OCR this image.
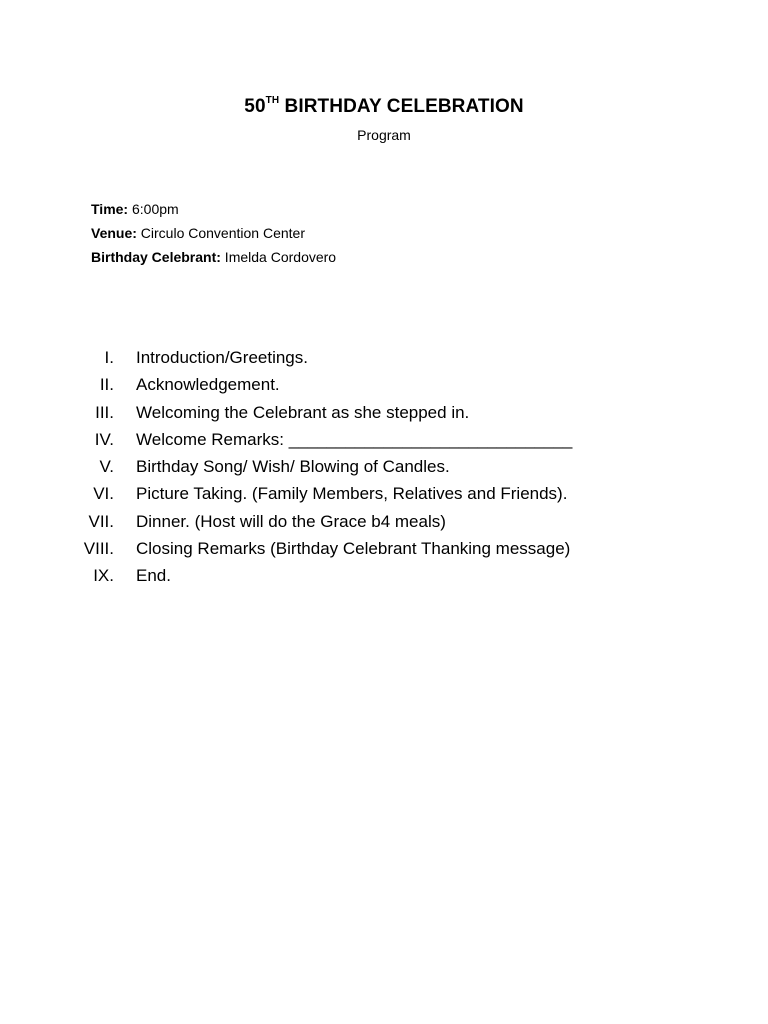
50TH BIRTHDAY CELEBRATION
Program
Time: 6:00pm
Venue: Circulo Convention Center
Birthday Celebrant: Imelda Cordovero
I. Introduction/Greetings.
II. Acknowledgement.
III. Welcoming the Celebrant as she stepped in.
IV. Welcome Remarks: ______________________________
V. Birthday Song/ Wish/ Blowing of Candles.
VI. Picture Taking. (Family Members, Relatives and Friends).
VII. Dinner. (Host will do the Grace b4 meals)
VIII. Closing Remarks (Birthday Celebrant Thanking message)
IX. End.
